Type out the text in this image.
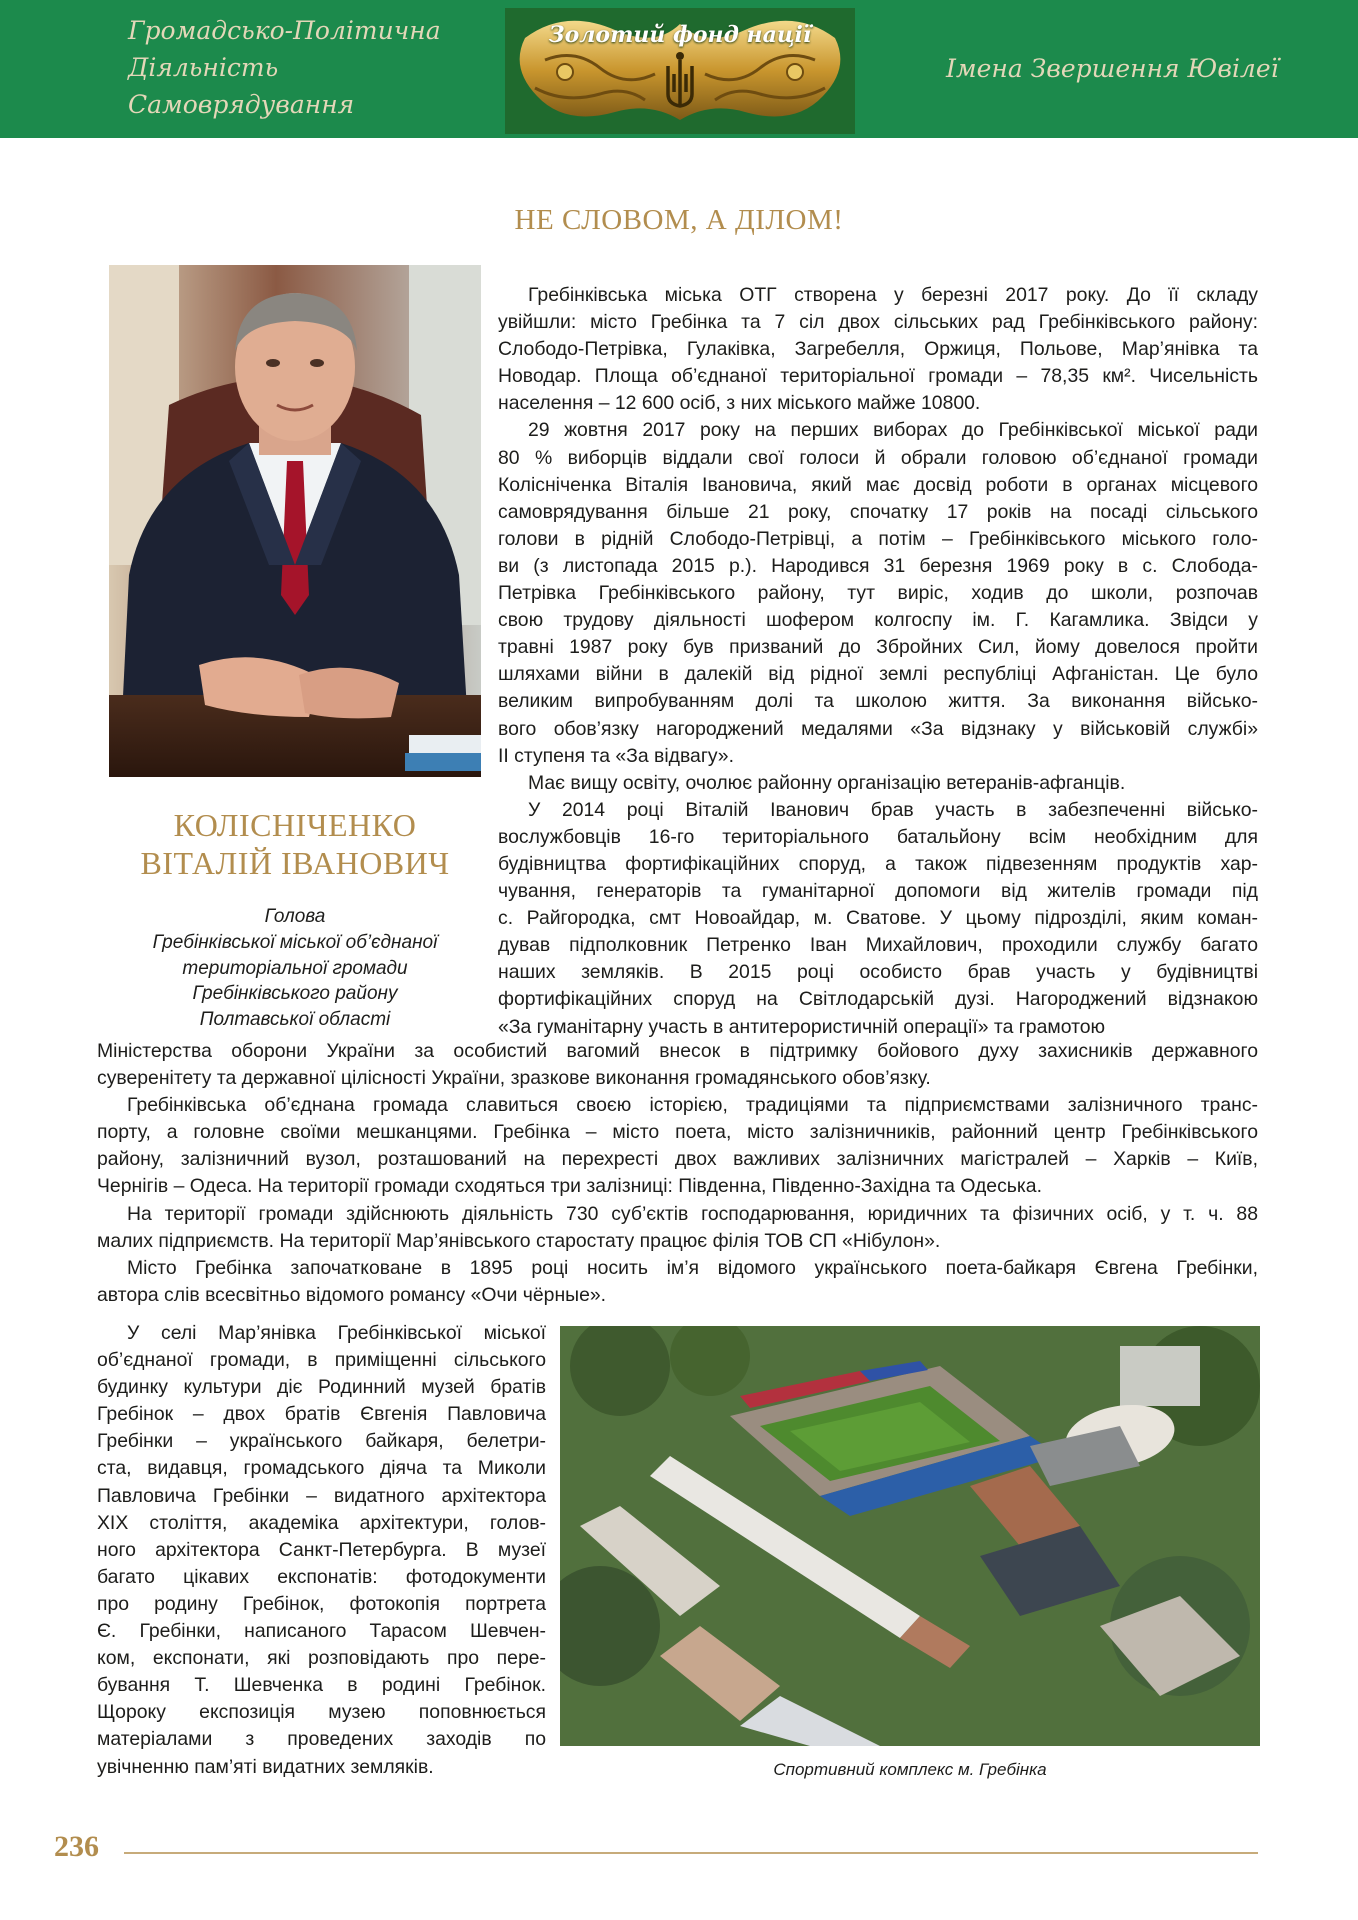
Громадсько-Політична
Діяльність
Самоврядування
Золотий фонд нації
Імена Звершення Ювілеї
НЕ СЛОВОМ, А ДІЛОМ!
КОЛІСНІЧЕНКО
ВІТАЛІЙ ІВАНОВИЧ
Голова
Гребінківської міської об’єднаної
територіальної громади
Гребінківського району
Полтавської області

Гребінківська міська ОТГ створена у березні 2017 року. До її складу
увійшли: місто Гребінка та 7 сіл двох сільських рад Гребінківського району:
Слободо-Петрівка, Гулаківка, Загребелля, Оржиця, Польове, Мар’янівка та
Новодар. Площа об’єднаної територіальної громади – 78,35 км². Чисельність
населення – 12 600 осіб, з них міського майже 10800.

29 жовтня 2017 року на перших виборах до Гребінківської міської ради
80 % виборців віддали свої голоси й обрали головою об’єднаної громади
Колісніченка Віталія Івановича, який має досвід роботи в органах місцевого
самоврядування більше 21 року, спочатку 17 років на посаді сільського
голови в рідній Слободо-Петрівці, а потім – Гребінківського міського голо-
ви (з листопада 2015 р.). Народився 31 березня 1969 року в с. Слобода-
Петрівка Гребінківського району, тут виріс, ходив до школи, розпочав
свою трудову діяльності шофером колгоспу ім. Г. Кагамлика. Звідси у
травні 1987 року був призваний до Збройних Сил, йому довелося пройти
шляхами війни в далекій від рідної землі республіці Афганістан. Це було
великим випробуванням долі та школою життя. За виконання військо-
вого обов’язку нагороджений медалями «За відзнаку у військовій службі»
ІІ ступеня та «За відвагу».

Має вищу освіту, очолює районну організацію ветеранів-афганців.

У 2014 році Віталій Іванович брав участь в забезпеченні військо-
вослужбовців 16-го територіального батальйону всім необхідним для
будівництва фортифікаційних споруд, а також підвезенням продуктів хар-
чування, генераторів та гуманітарної допомоги від жителів громади під
с. Райгородка, смт Новоайдар, м. Сватове. У цьому підрозділі, яким коман-
дував підполковник Петренко Іван Михайлович, проходили службу багато
наших земляків. В 2015 році особисто брав участь у будівництві
фортифікаційних споруд на Світлодарській дузі. Нагороджений відзнакою
«За гуманітарну участь в антитерористичній операції» та грамотою

Міністерства оборони України за особистий вагомий внесок в підтримку бойового духу захисників державного
суверенітету та державної цілісності України, зразкове виконання громадянського обов’язку.

Гребінківська об’єднана громада славиться своєю історією, традиціями та підприємствами залізничного транс-
порту, а головне своїми мешканцями. Гребінка – місто поета, місто залізничників, районний центр Гребінківського
району, залізничний вузол, розташований на перехресті двох важливих залізничних магістралей – Харків – Київ,
Чернігів – Одеса. На території громади сходяться три залізниці: Південна, Південно-Західна та Одеська.

На території громади здійснюють діяльність 730 суб’єктів господарювання, юридичних та фізичних осіб, у т. ч. 88
малих підприємств. На території Мар’янівського старостату працює філія ТОВ СП «Нібулон».

Місто Гребінка започатковане в 1895 році носить ім’я відомого українського поета-байкаря Євгена Гребінки,
автора слів всесвітньо відомого романсу «Очи чёрные».

У селі Мар’янівка Гребінківської міської
об’єднаної громади, в приміщенні сільського
будинку культури діє Родинний музей братів
Гребінок – двох братів Євгенія Павловича
Гребінки – українського байкаря, белетри-
ста, видавця, громадського діяча та Миколи
Павловича Гребінки – видатного архітектора
XIX століття, академіка архітектури, голов-
ного архітектора Санкт-Петербурга. В музеї
багато цікавих експонатів: фотодокументи
про родину Гребінок, фотокопія портрета
Є. Гребінки, написаного Тарасом Шевчен-
ком, експонати, які розповідають про пере-
бування Т. Шевченка в родині Гребінок.
Щороку експозиція музею поповнюється
матеріалами з проведених заходів по
увічненню пам’яті видатних земляків.	Спортивний комплекс м. Гребінка
236
